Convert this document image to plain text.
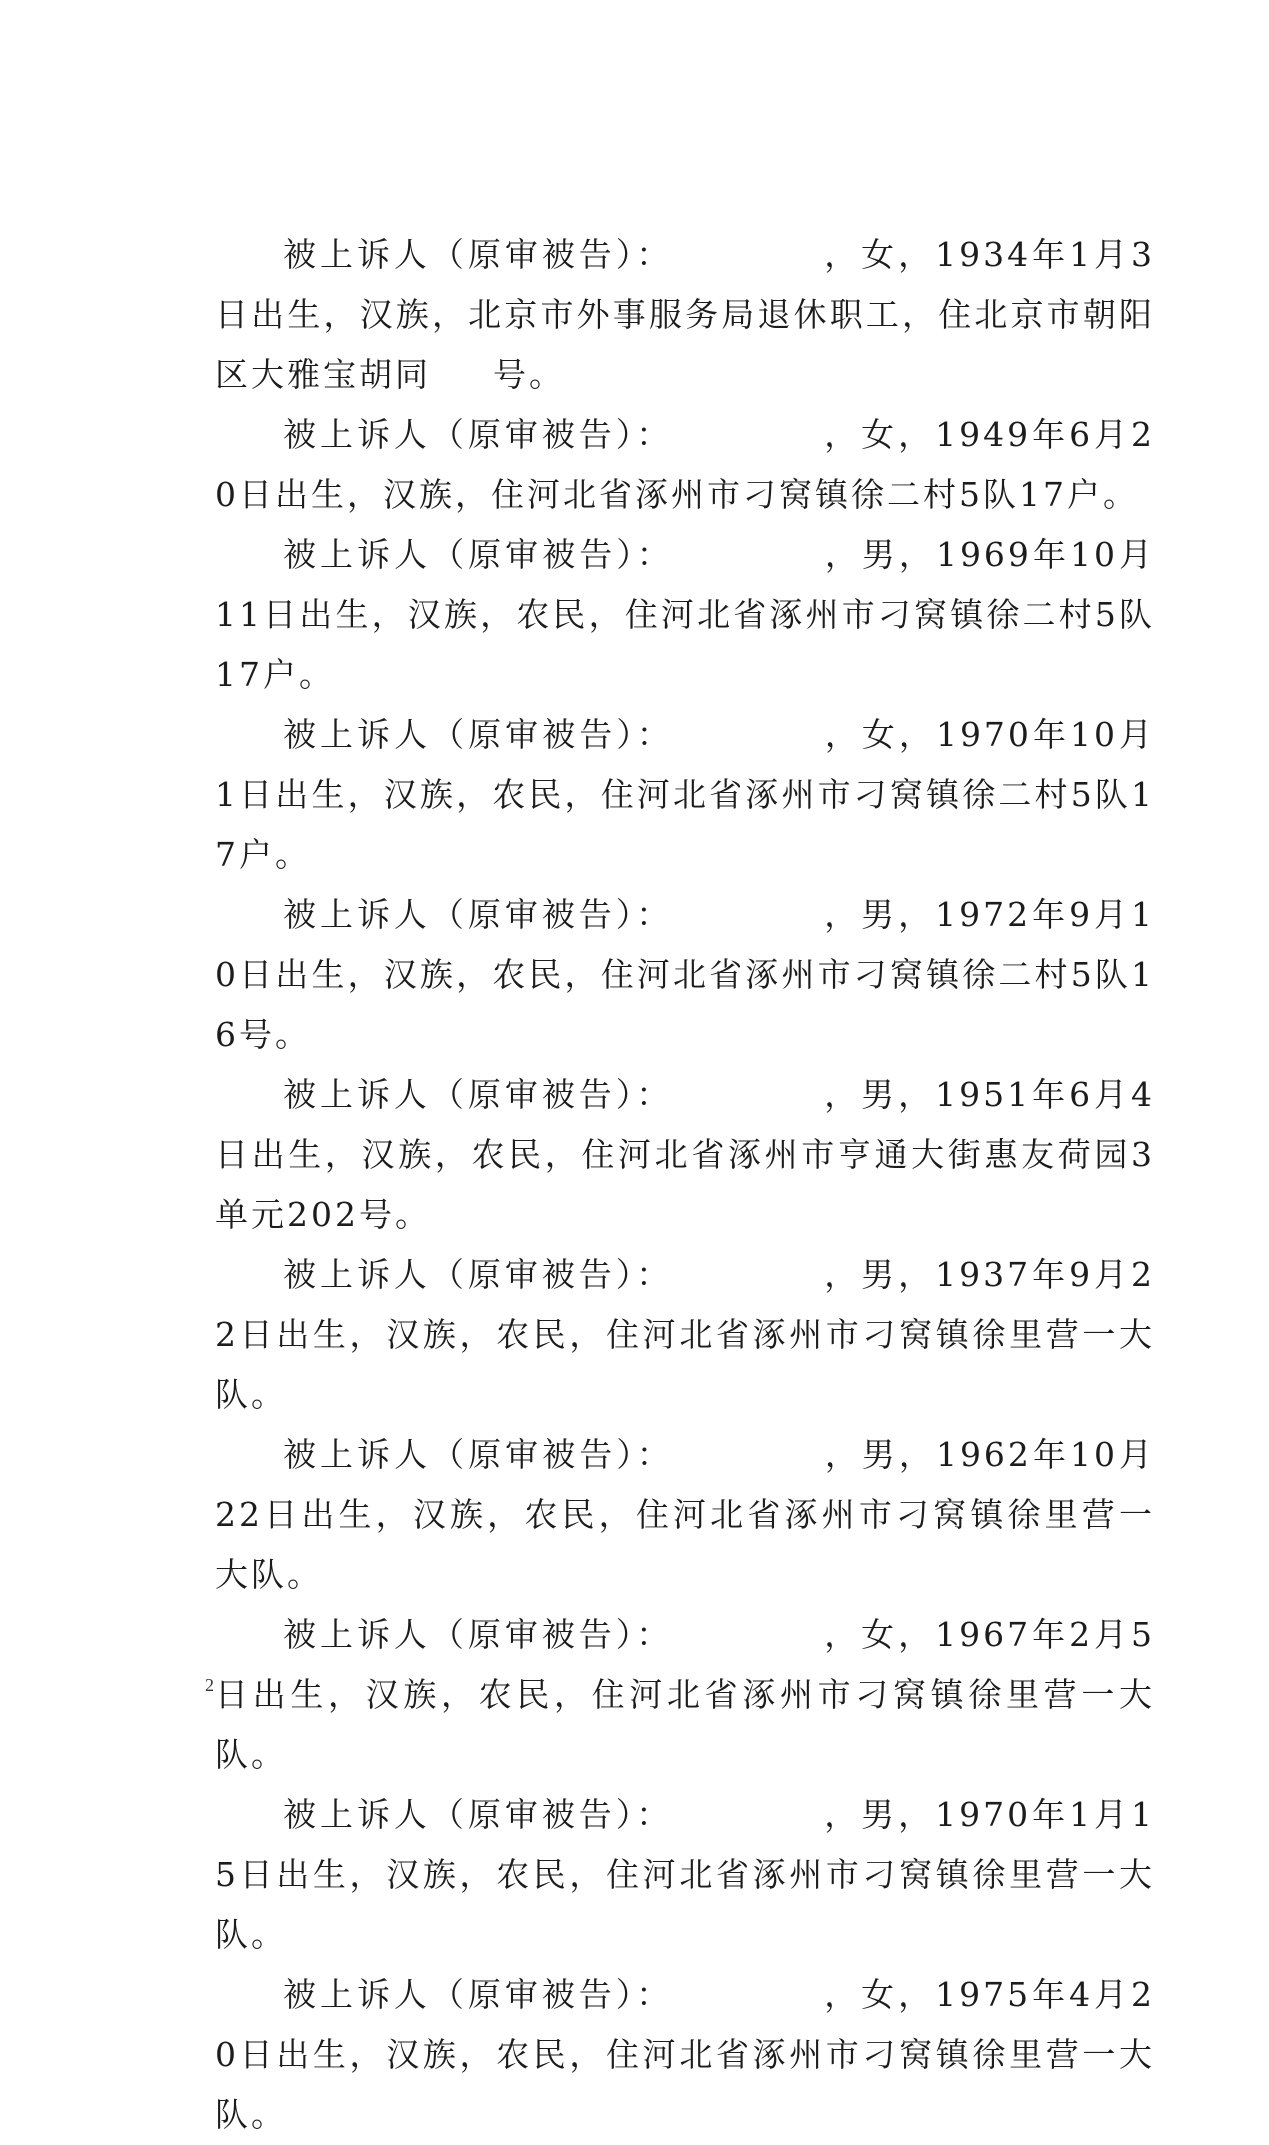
被上诉人（原审被告）：	，女，1934年1月3日出生，汉族，北京市外事服务局退休职工，住北京市朝阳区大雅宝胡同 号。

被上诉人（原审被告）：	，女，1949年6月20日出生，汉族，住河北省涿州市刁窝镇徐二村5队17户。

被上诉人（原审被告）：	，男，1969年10月11日出生，汉族，农民，住河北省涿州市刁窝镇徐二村5队17户。

被上诉人（原审被告）：	，女，1970年10月1日出生，汉族，农民，住河北省涿州市刁窝镇徐二村5队17户。

被上诉人（原审被告）：	，男，1972年9月10日出生，汉族，农民，住河北省涿州市刁窝镇徐二村5队16号。

被上诉人（原审被告）：	，男，1951年6月4日出生，汉族，农民，住河北省涿州市亨通大街惠友荷园3单元202号。

被上诉人（原审被告）：	，男，1937年9月22日出生，汉族，农民，住河北省涿州市刁窝镇徐里营一大队。

被上诉人（原审被告）：	，男，1962年10月22日出生，汉族，农民，住河北省涿州市刁窝镇徐里营一大队。

被上诉人（原审被告）：	，女，1967年2月5日出生，汉族，农民，住河北省涿州市刁窝镇徐里营一大队。

被上诉人（原审被告）：	，男，1970年1月15日出生，汉族，农民，住河北省涿州市刁窝镇徐里营一大队。

被上诉人（原审被告）：	，女，1975年4月20日出生，汉族，农民，住河北省涿州市刁窝镇徐里营一大队。

2
